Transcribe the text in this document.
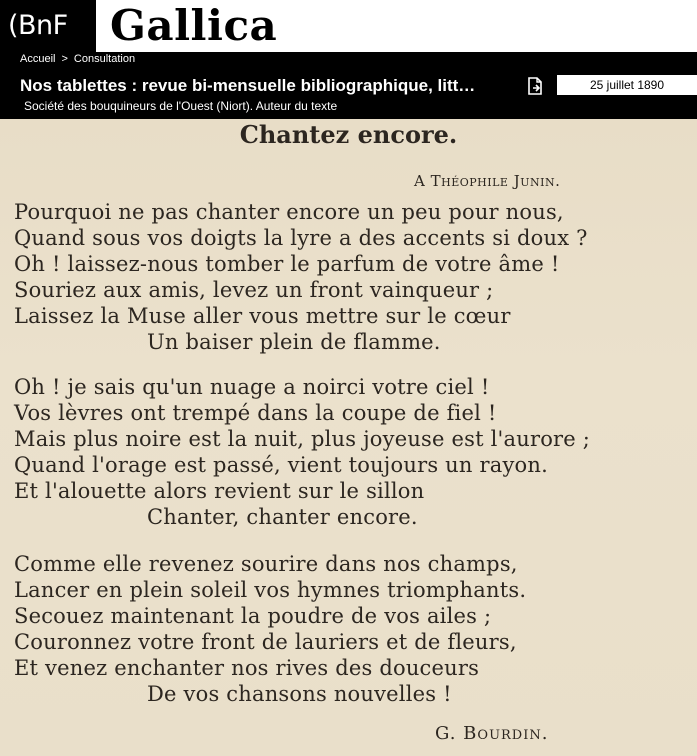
(BnF	Gallica
Accueil > Consultation
Nos tablettes : revue bi-mensuelle bibliographique, litt…
Société des bouquineurs de l'Ouest (Niort). Auteur du texte
25 juillet 1890
Chantez encore.
A Théophile Junin.
Pourquoi ne pas chanter encore un peu pour nous,
Quand sous vos doigts la lyre a des accents si doux ?
Oh ! laissez-nous tomber le parfum de votre âme !
Souriez aux amis, levez un front vainqueur ;
Laissez la Muse aller vous mettre sur le cœur
Un baiser plein de flamme.
Oh ! je sais qu'un nuage a noirci votre ciel !
Vos lèvres ont trempé dans la coupe de fiel !
Mais plus noire est la nuit, plus joyeuse est l'aurore ;
Quand l'orage est passé, vient toujours un rayon.
Et l'alouette alors revient sur le sillon
Chanter, chanter encore.
Comme elle revenez sourire dans nos champs,
Lancer en plein soleil vos hymnes triomphants.
Secouez maintenant la poudre de vos ailes ;
Couronnez votre front de lauriers et de fleurs,
Et venez enchanter nos rives des douceurs
De vos chansons nouvelles !
G. Bourdin.
